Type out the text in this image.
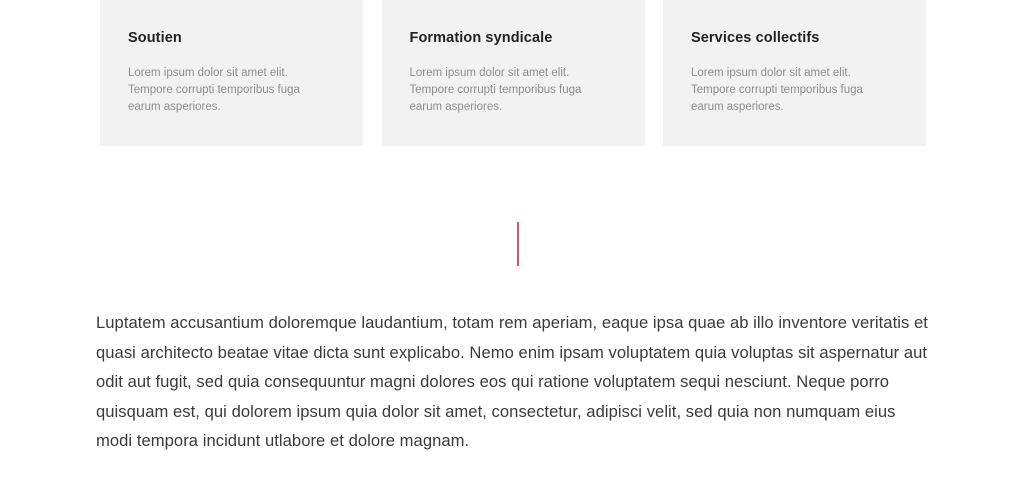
Soutien
Lorem ipsum dolor sit amet elit. Tempore corrupti temporibus fuga earum asperiores.
Formation syndicale
Lorem ipsum dolor sit amet elit. Tempore corrupti temporibus fuga earum asperiores.
Services collectifs
Lorem ipsum dolor sit amet elit. Tempore corrupti temporibus fuga earum asperiores.
Luptatem accusantium doloremque laudantium, totam rem aperiam, eaque ipsa quae ab illo inventore veritatis et quasi architecto beatae vitae dicta sunt explicabo. Nemo enim ipsam voluptatem quia voluptas sit aspernatur aut odit aut fugit, sed quia consequuntur magni dolores eos qui ratione voluptatem sequi nesciunt. Neque porro quisquam est, qui dolorem ipsum quia dolor sit amet, consectetur, adipisci velit, sed quia non numquam eius modi tempora incidunt utlabore et dolore magnam.
